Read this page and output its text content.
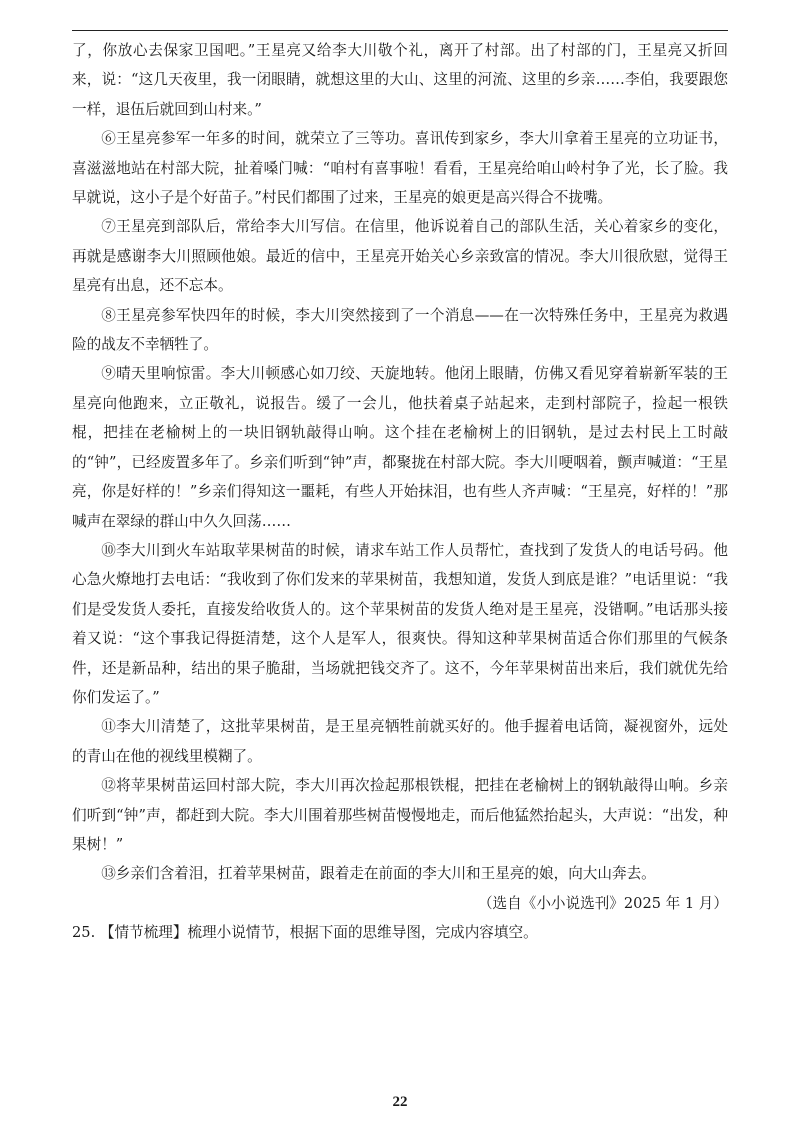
了，你放心去保家卫国吧。”王星亮又给李大川敬个礼，离开了村部。出了村部的门，王星亮又折回来，说：“这几天夜里，我一闭眼睛，就想这里的大山、这里的河流、这里的乡亲……李伯，我要跟您一样，退伍后就回到山村来。”

⑥王星亮参军一年多的时间，就荣立了三等功。喜讯传到家乡，李大川拿着王星亮的立功证书，喜滋滋地站在村部大院，扯着嗓门喊：“咱村有喜事啦！看看，王星亮给咱山岭村争了光，长了脸。我早就说，这小子是个好苗子。”村民们都围了过来，王星亮的娘更是高兴得合不拢嘴。

⑦王星亮到部队后，常给李大川写信。在信里，他诉说着自己的部队生活，关心着家乡的变化，再就是感谢李大川照顾他娘。最近的信中，王星亮开始关心乡亲致富的情况。李大川很欣慰，觉得王星亮有出息，还不忘本。

⑧王星亮参军快四年的时候，李大川突然接到了一个消息——在一次特殊任务中，王星亮为救遇险的战友不幸牺牲了。

⑨晴天里响惊雷。李大川顿感心如刀绞、天旋地转。他闭上眼睛，仿佛又看见穿着崭新军装的王星亮向他跑来，立正敬礼，说报告。缓了一会儿，他扶着桌子站起来，走到村部院子，捡起一根铁棍，把挂在老榆树上的一块旧钢轨敲得山响。这个挂在老榆树上的旧钢轨，是过去村民上工时敲的“钟”，已经废置多年了。乡亲们听到“钟”声，都聚拢在村部大院。李大川哽咽着，颤声喊道：“王星亮，你是好样的！”乡亲们得知这一噩耗，有些人开始抹泪，也有些人齐声喊：“王星亮，好样的！”那喊声在翠绿的群山中久久回荡……

⑩李大川到火车站取苹果树苗的时候，请求车站工作人员帮忙，查找到了发货人的电话号码。他心急火燎地打去电话：“我收到了你们发来的苹果树苗，我想知道，发货人到底是谁？”电话里说：“我们是受发货人委托，直接发给收货人的。这个苹果树苗的发货人绝对是王星亮，没错啊。”电话那头接着又说：“这个事我记得挺清楚，这个人是军人，很爽快。得知这种苹果树苗适合你们那里的气候条件，还是新品种，结出的果子脆甜，当场就把钱交齐了。这不，今年苹果树苗出来后，我们就优先给你们发运了。”

⑪李大川清楚了，这批苹果树苗，是王星亮牺牲前就买好的。他手握着电话筒，凝视窗外，远处的青山在他的视线里模糊了。

⑫将苹果树苗运回村部大院，李大川再次捡起那根铁棍，把挂在老榆树上的钢轨敲得山响。乡亲们听到“钟”声，都赶到大院。李大川围着那些树苗慢慢地走，而后他猛然抬起头，大声说：“出发，种果树！”

⑬乡亲们含着泪，扛着苹果树苗，跟着走在前面的李大川和王星亮的娘，向大山奔去。

（选自《小小说选刊》2025 年 1 月）

25. 【情节梳理】梳理小说情节，根据下面的思维导图，完成内容填空。

22
